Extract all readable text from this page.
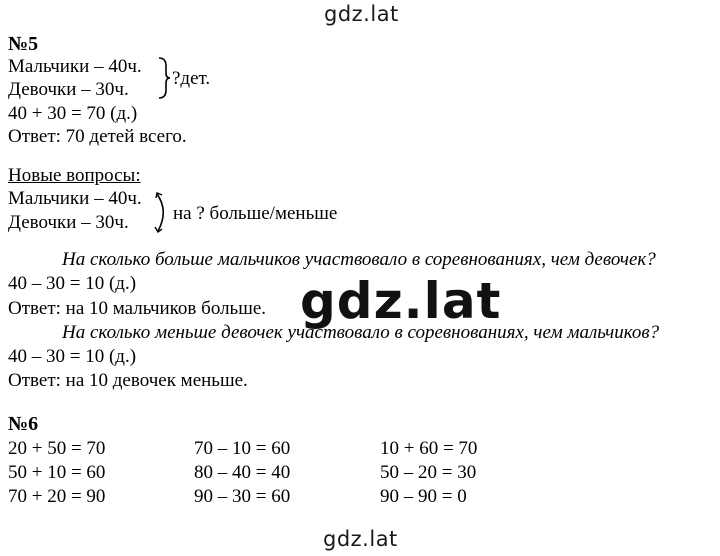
gdz.lat
№5
Мальчики – 40ч.
Девочки – 30ч.
?дет.
40 + 30 = 70 (д.)
Ответ: 70 детей всего.
Новые вопросы:
Мальчики – 40ч.
Девочки – 30ч. на ? больше/меньше
На сколько больше мальчиков участвовало в соревнованиях, чем девочек?
40 – 30 = 10 (д.)
Ответ: на 10 мальчиков больше.
На сколько меньше девочек участвовало в соревнованиях, чем мальчиков?
40 – 30 = 10 (д.)
Ответ: на 10 девочек меньше.
gdz.lat
№6
20 + 50 = 70
50 + 10 = 60
70 + 20 = 90
70 – 10 = 60
80 – 40 = 40
90 – 30 = 60
10 + 60 = 70
50 – 20 = 30
90 – 90 = 0
gdz.lat
